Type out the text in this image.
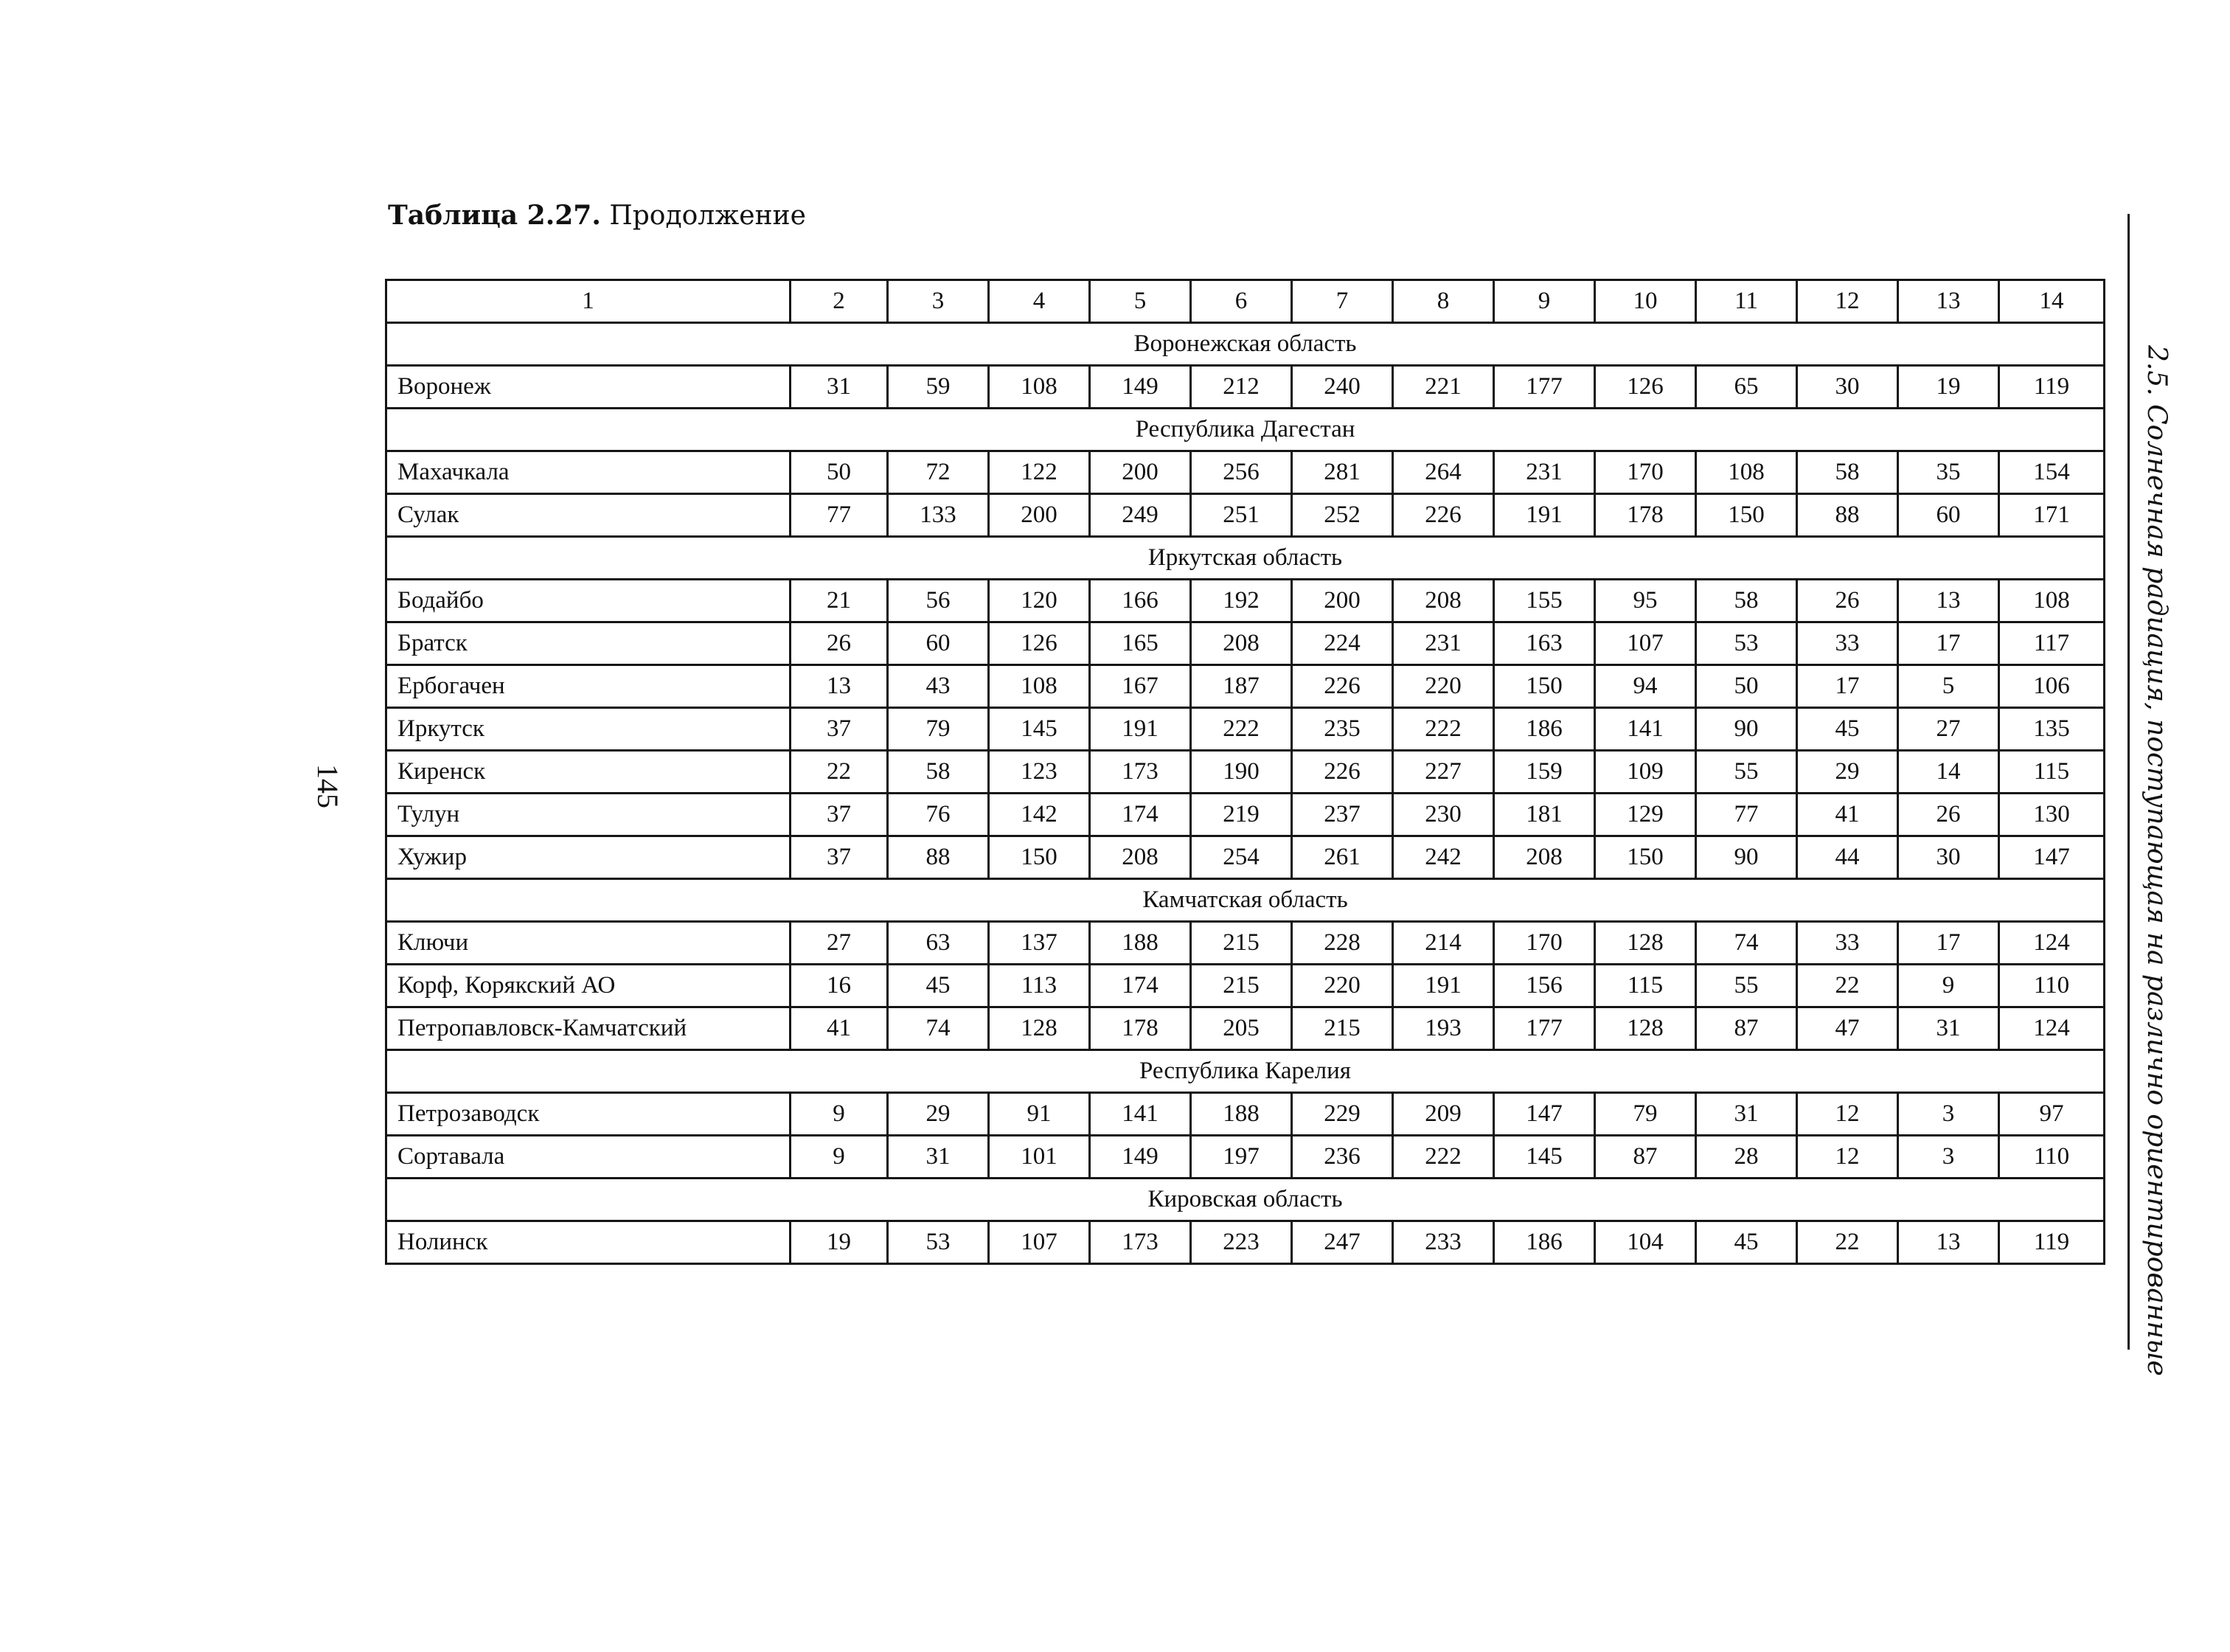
Таблица 2.27. Продолжение
1	2	3	4	5	6	7	8	9	10	11	12	13	14
Воронежская область													
Воронеж	31	59	108	149	212	240	221	177	126	65	30	19	119
Республика Дагестан													
Махачкала	50	72	122	200	256	281	264	231	170	108	58	35	154
Сулак	77	133	200	249	251	252	226	191	178	150	88	60	171
Иркутская область													
Бодайбо	21	56	120	166	192	200	208	155	95	58	26	13	108
Братск	26	60	126	165	208	224	231	163	107	53	33	17	117
Ербогачен	13	43	108	167	187	226	220	150	94	50	17	5	106
Иркутск	37	79	145	191	222	235	222	186	141	90	45	27	135
Киренск	22	58	123	173	190	226	227	159	109	55	29	14	115
Тулун	37	76	142	174	219	237	230	181	129	77	41	26	130
Хужир	37	88	150	208	254	261	242	208	150	90	44	30	147
Камчатская область													
Ключи	27	63	137	188	215	228	214	170	128	74	33	17	124
Корф, Корякский АО	16	45	113	174	215	220	191	156	115	55	22	9	110
Петропавловск-Камчатский	41	74	128	178	205	215	193	177	128	87	47	31	124
Республика Карелия													
Петрозаводск	9	29	91	141	188	229	209	147	79	31	12	3	97
Сортавала	9	31	101	149	197	236	222	145	87	28	12	3	110
Кировская область													
Нолинск	19	53	107	173	223	247	233	186	104	45	22	13	119
145	2.5. Солнечная радиация, поступающая на различно ориентированные
